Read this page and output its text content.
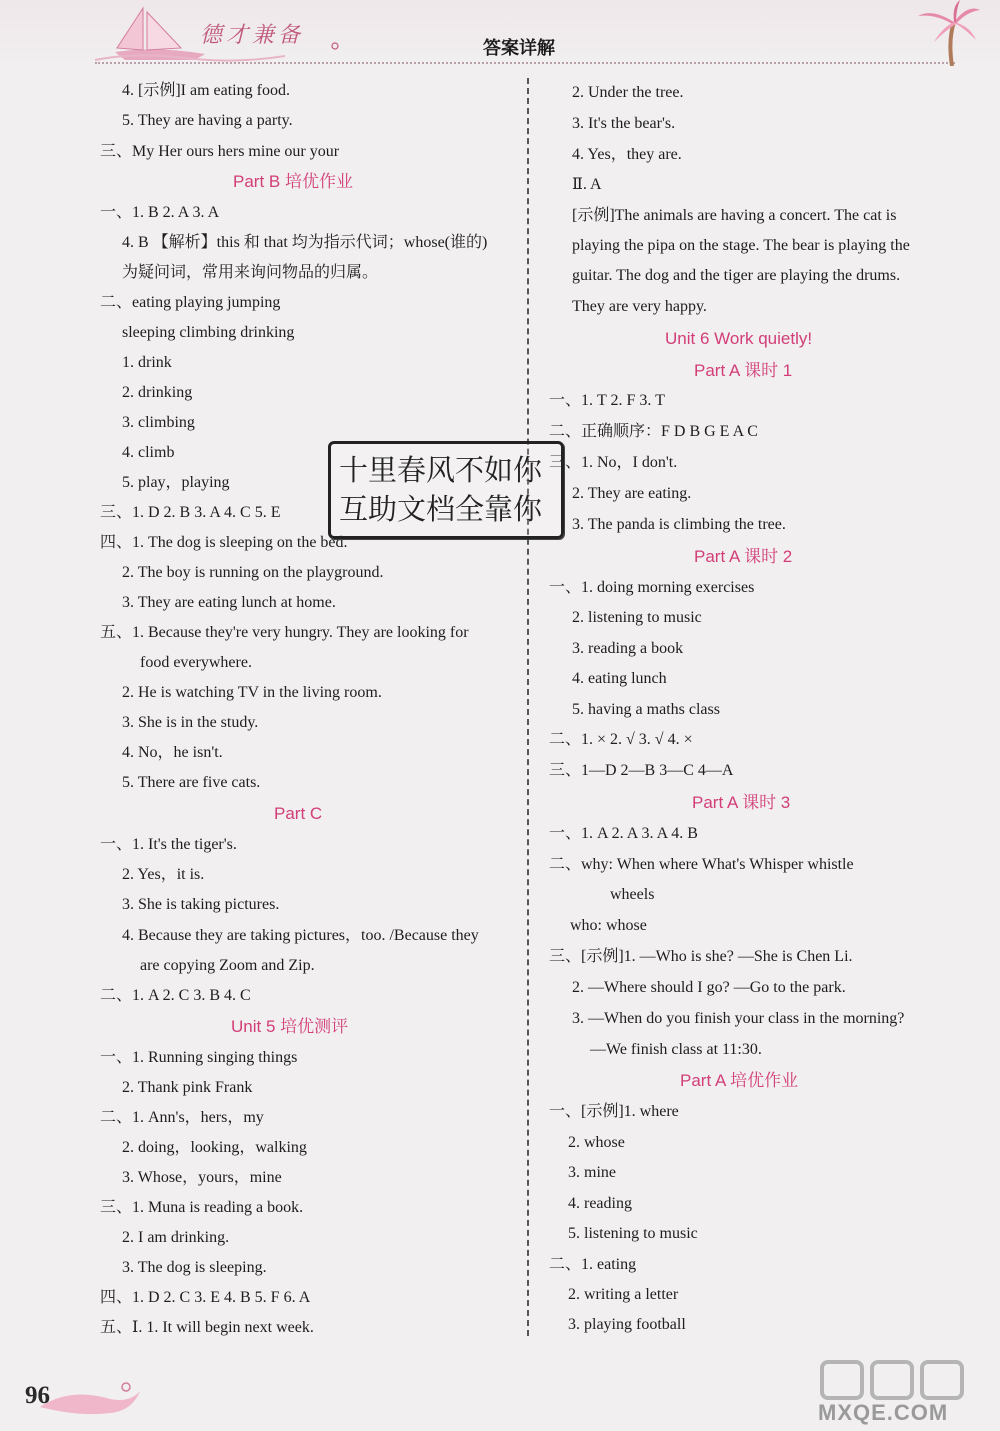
德才兼备
答案详解
4. [示例]I am eating food.
5. They are having a party.
三、My Her ours hers mine our your
Part B 培优作业
一、1. B 2. A 3. A
4. B 【解析】this 和 that 均为指示代词；whose(谁的)
为疑问词，常用来询问物品的归属。
二、eating playing jumping
sleeping climbing drinking
1. drink
2. drinking
3. climbing
4. climb
5. play，playing
三、1. D 2. B 3. A 4. C 5. E
四、1. The dog is sleeping on the bed.
2. The boy is running on the playground.
3. They are eating lunch at home.
五、1. Because they're very hungry. They are looking for
food everywhere.
2. He is watching TV in the living room.
3. She is in the study.
4. No，he isn't.
5. There are five cats.
Part C
一、1. It's the tiger's.
2. Yes，it is.
3. She is taking pictures.
4. Because they are taking pictures，too. /Because they
are copying Zoom and Zip.
二、1. A 2. C 3. B 4. C
Unit 5 培优测评
一、1. Running singing things
2. Thank pink Frank
二、1. Ann's，hers，my
2. doing，looking，walking
3. Whose，yours，mine
三、1. Muna is reading a book.
2. I am drinking.
3. The dog is sleeping.
四、1. D 2. C 3. E 4. B 5. F 6. A
五、Ⅰ. 1. It will begin next week.
2. Under the tree.
3. It's the bear's.
4. Yes，they are.
Ⅱ. A
[示例]The animals are having a concert. The cat is
playing the pipa on the stage. The bear is playing the
guitar. The dog and the tiger are playing the drums.
They are very happy.
Unit 6 Work quietly!
Part A 课时 1
一、1. T 2. F 3. T
二、正确顺序：F D B G E A C
三、1. No，I don't.
2. They are eating.
3. The panda is climbing the tree.
Part A 课时 2
一、1. doing morning exercises
2. listening to music
3. reading a book
4. eating lunch
5. having a maths class
二、1. × 2. √ 3. √ 4. ×
三、1—D 2—B 3—C 4—A
Part A 课时 3
一、1. A 2. A 3. A 4. B
二、why: When where What's Whisper whistle
wheels
who: whose
三、[示例]1. —Who is she? —She is Chen Li.
2. —Where should I go? —Go to the park.
3. —When do you finish your class in the morning?
—We finish class at 11:30.
Part A 培优作业
一、[示例]1. where
2. whose
3. mine
4. reading
5. listening to music
二、1. eating
2. writing a letter
3. playing football
十里春风不如你
互助文档全靠你
96
MXQE.COM
